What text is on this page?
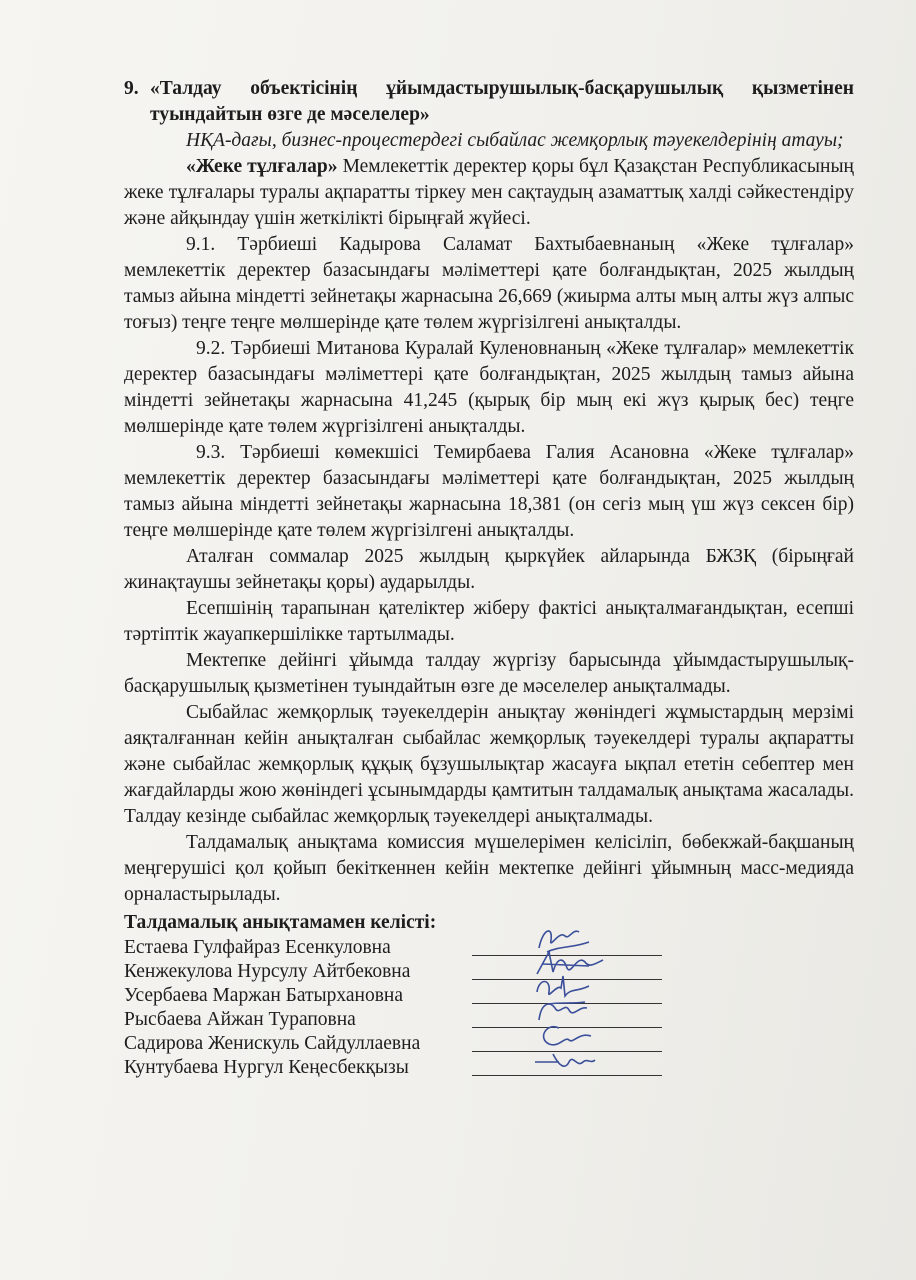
9. «Талдау объектісінің ұйымдастырушылық-басқарушылық қызметінен туындайтын өзге де мәселелер»

НҚА-дағы, бизнес-процестердегі сыбайлас жемқорлық тәуекелдерінің атауы;

«Жеке тұлғалар» Мемлекеттік деректер қоры бұл Қазақстан Республикасының жеке тұлғалары туралы ақпаратты тіркеу мен сақтаудың азаматтық халді сәйкестендіру және айқындау үшін жеткілікті бірыңғай жүйесі.

9.1. Тәрбиеші Кадырова Саламат Бахтыбаевнаның «Жеке тұлғалар» мемлекеттік деректер базасындағы мәліметтері қате болғандықтан, 2025 жылдың тамыз айына міндетті зейнетақы жарнасына 26,669 (жиырма алты мың алты жүз алпыс тоғыз) теңге теңге мөлшерінде қате төлем жүргізілгені анықталды.

9.2. Тәрбиеші Митанова Куралай Куленовнаның «Жеке тұлғалар» мемлекеттік деректер базасындағы мәліметтері қате болғандықтан, 2025 жылдың тамыз айына міндетті зейнетақы жарнасына 41,245 (қырық бір мың екі жүз қырық бес) теңге мөлшерінде қате төлем жүргізілгені анықталды.

9.3. Тәрбиеші көмекшісі Темирбаева Галия Асановна «Жеке тұлғалар» мемлекеттік деректер базасындағы мәліметтері қате болғандықтан, 2025 жылдың тамыз айына міндетті зейнетақы жарнасына 18,381 (он сегіз мың үш жүз сексен бір) теңге мөлшерінде қате төлем жүргізілгені анықталды.

Аталған соммалар 2025 жылдың қыркүйек айларында БЖЗҚ (бірыңғай жинақтаушы зейнетақы қоры) аударылды.

Есепшінің тарапынан қателіктер жіберу фактісі анықталмағандықтан, есепші тәртіптік жауапкершілікке тартылмады.

Мектепке дейінгі ұйымда талдау жүргізу барысында ұйымдастырушылық-басқарушылық қызметінен туындайтын өзге де мәселелер анықталмады.

Сыбайлас жемқорлық тәуекелдерін анықтау жөніндегі жұмыстардың мерзімі аяқталғаннан кейін анықталған сыбайлас жемқорлық тәуекелдері туралы ақпаратты және сыбайлас жемқорлық құқық бұзушылықтар жасауға ықпал ететін себептер мен жағдайларды жою жөніндегі ұсынымдарды қамтитын талдамалық анықтама жасалады. Талдау кезінде сыбайлас жемқорлық тәуекелдері анықталмады.

Талдамалық анықтама комиссия мүшелерімен келісіліп, бөбекжай-бақшаның меңгерушісі қол қойып бекіткеннен кейін мектепке дейінгі ұйымның масс-медияда орналастырылады.

Талдамалық анықтамамен келісті:
Естаева Гулфайраз Есенкуловна
Кенжекулова Нурсулу Айтбековна
Усербаева Маржан Батырхановна
Рысбаева Айжан Тураповна
Садирова Женискуль Сайдуллаевна
Кунтубаева Нургул Кеңесбекқызы
